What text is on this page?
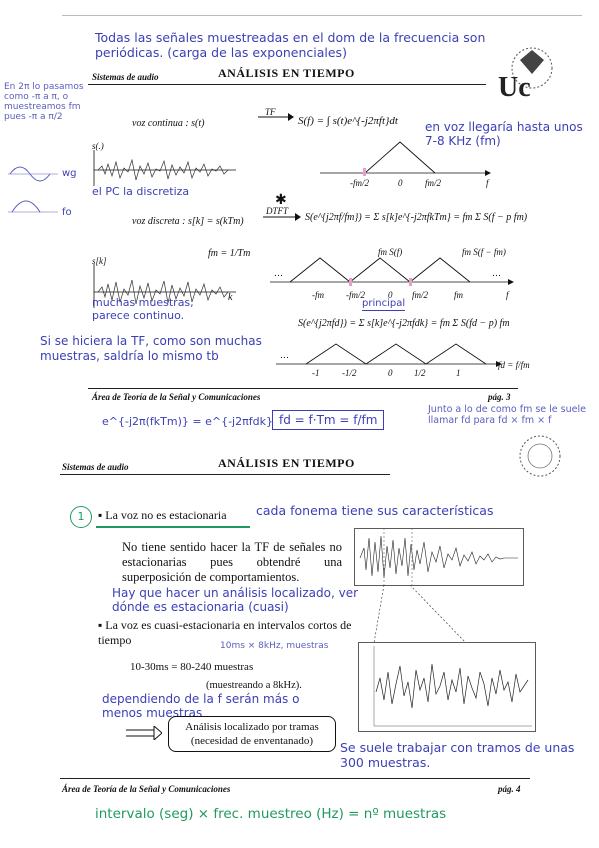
Todas las señales muestreadas en el dom de la frecuencia son periódicas. (carga de las exponenciales)
Sistemas de audio	ANÁLISIS EN TIEMPO	Uc
En 2π lo pasamos como -π a π, o muestreamos fm pues -π a π/2
voz continua : s(t)
TF
S(f) = ∫ s(t)e^{-j2πft}dt en voz llegaría hasta unos 7-8 KHz (fm)
s(.)
wg
fo
-fm/2	0	fm/2	f
el PC la discretiza
✱
voz discreta : s[k] = s(kTm)
DTFT
S(e^{j2πf/fm}) = Σ s[k]e^{-j2πfkTm} = fm Σ S(f − p fm)
fm = 1/Tm
s[k]
k
…	…
fm S(f)	fm S(f − fm)
-fm -fm/2	0 fm/2	fm	f
principal
muchas muestras, parece continuo.
Si se hiciera la TF, como son muchas muestras, saldría lo mismo tb
S(e^{j2πfd}) = Σ s[k]e^{-j2πfdk} = fm Σ S(fd − p) fm
…
-1	-1/2	0 1/2	1
fd = f/fm
Área de Teoría de la Señal y Comunicaciones	pág. 3
e^{-j2π(fkTm)} = e^{-j2πfdk} fd = f·Tm = f/fm
Junto a lo de como fm se le suele llamar fd para fd × fm × f
Sistemas de audio	ANÁLISIS EN TIEMPO
1	▪ La voz no es estacionaria cada fonema tiene sus características
No tiene sentido hacer la TF de señales no estacionarias pues obtendré una superposición de comportamientos.
Hay que hacer un análisis localizado, ver dónde es estacionaria (cuasi)
▪ La voz es cuasi-estacionaria en intervalos cortos de tiempo	10ms × 8kHz, muestras
10-30ms = 80-240 muestras
(muestreando a 8kHz).
dependiendo de la f serán más o menos muestras
Análisis localizado por tramas (necesidad de enventanado)	Se suele trabajar con tramos de unas 300 muestras.
Área de Teoría de la Señal y Comunicaciones	pág. 4
intervalo (seg) × frec. muestreo (Hz) = nº muestras
